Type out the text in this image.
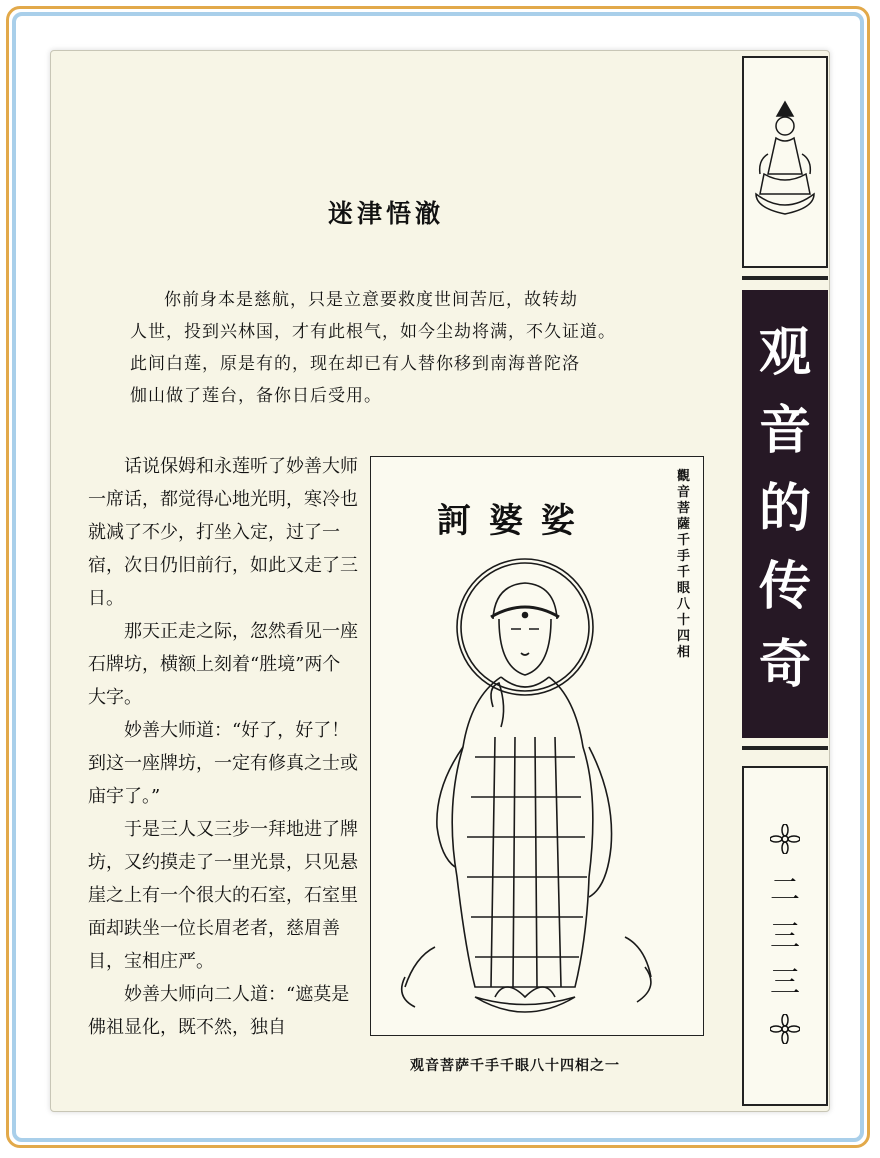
迷津悟澈

你前身本是慈航，只是立意要救度世间苦厄，故转劫

人世，投到兴林国，才有此根气，如今尘劫将满，不久证道。

此间白莲，原是有的，现在却已有人替你移到南海普陀洛

伽山做了莲台，备你日后受用。

话说保姆和永莲听了妙善大师一席话，都觉得心地光明，寒冷也就减了不少，打坐入定，过了一宿，次日仍旧前行，如此又走了三日。

那天正走之际，忽然看见一座石牌坊，横额上刻着“胜境”两个大字。

妙善大师道：“好了，好了！到这一座牌坊，一定有修真之士或庙宇了。”

于是三人又三步一拜地进了牌坊，又约摸走了一里光景，只见悬崖之上有一个很大的石室，石室里面却趺坐一位长眉老者，慈眉善目，宝相庄严。

妙善大师向二人道：“遮莫是佛祖显化，既不然，独自

訶婆娑
觀音菩薩千手千眼八十四相
观音菩萨千手千眼八十四相之一
观
音
的
传
奇
二
三
三
